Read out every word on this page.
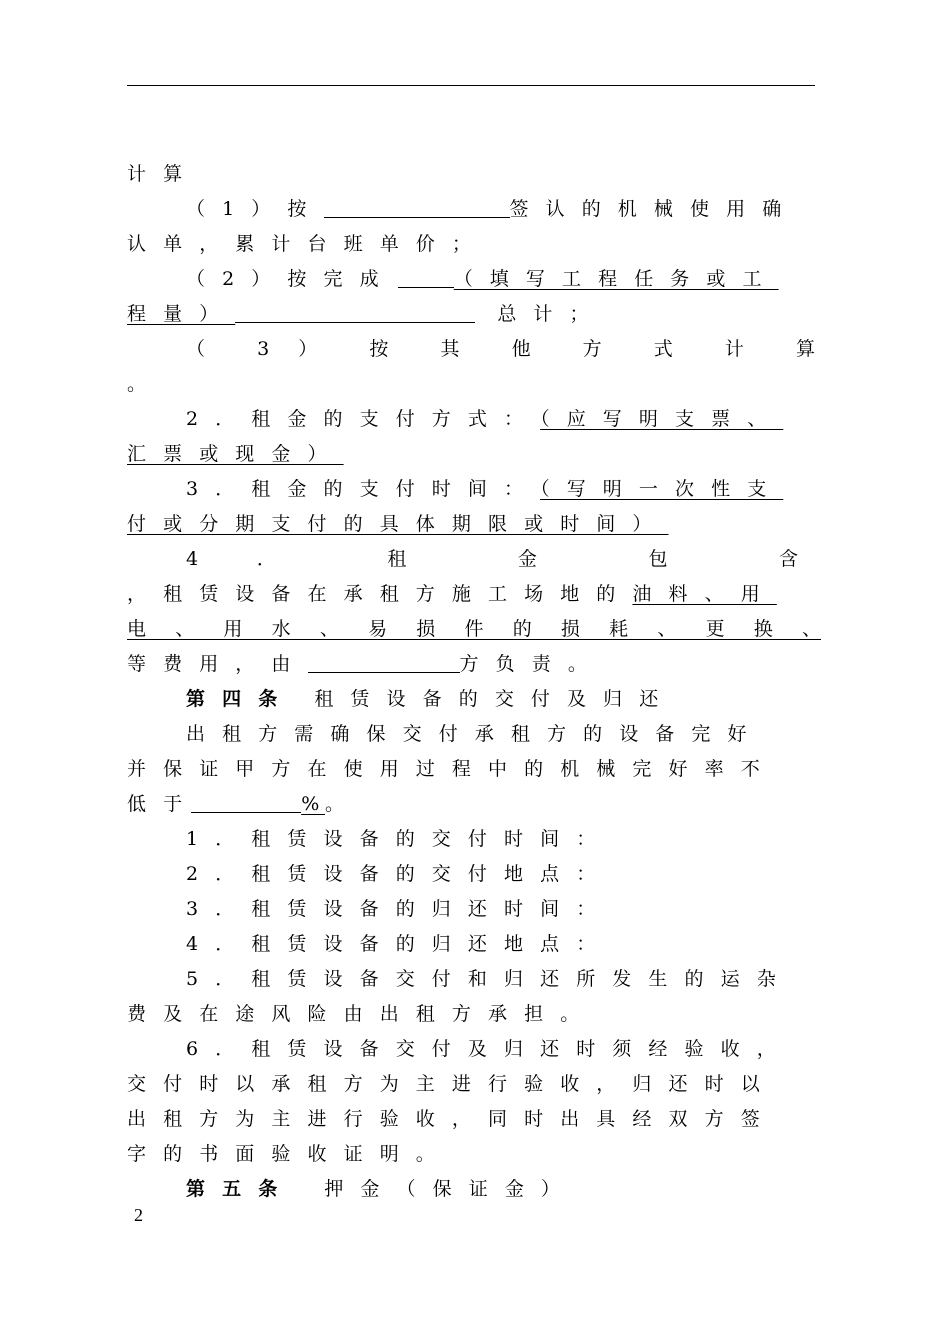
计算
（1）按	签认的机械使用确
认单，累计台班单价；
（2）按完成	（填写工程任务或工
程量）	总计；
（ 3 ） 按 其 他 方 式 计 算
。
2．租金的支付方式：（应写明支票、
汇票或现金）
3．租金的支付时间：（写明一次性支
付或分期支付的具体期限或时间）
4 ． 租 金 包 含
，租赁设备在承租方施工场地的油料、用
电 、 用 水 、 易 损 件 的 损 耗 、 更 换 、
等费用，由	方负责。
第四条 租赁设备的交付及归还
出租方需确保交付承租方的设备完好
并保证甲方在使用过程中的机械完好率不
低于	%。
1．租赁设备的交付时间：
2．租赁设备的交付地点：
3．租赁设备的归还时间：
4．租赁设备的归还地点：
5．租赁设备交付和归还所发生的运杂
费及在途风险由出租方承担。
6．租赁设备交付及归还时须经验收，
交付时以承租方为主进行验收，归还时以
出租方为主进行验收，同时出具经双方签
字的书面验收证明。
第五条 押金（保证金）
2
